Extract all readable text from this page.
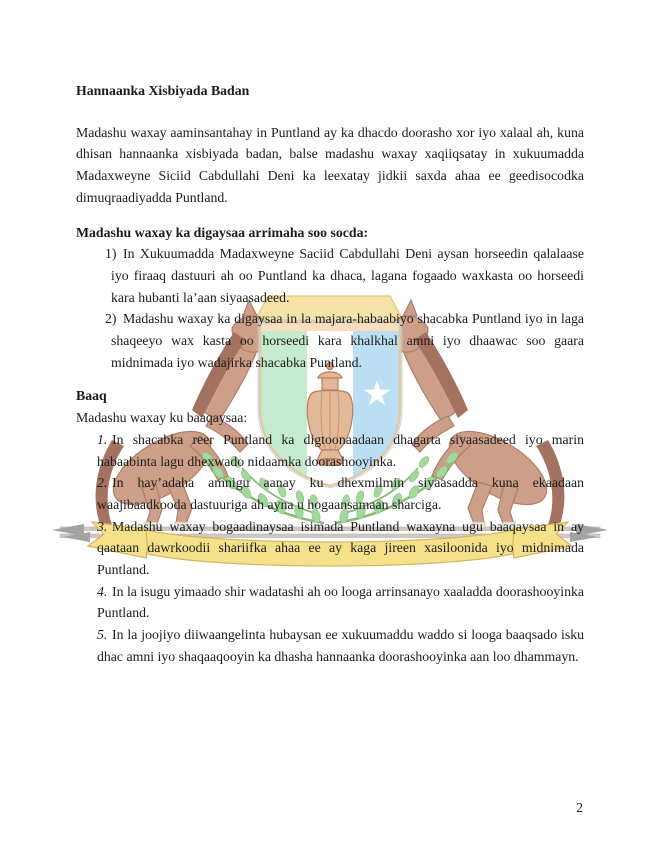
Hannaanka Xisbiyada Badan

Madashu waxay aaminsantahay in Puntland ay ka dhacdo doorasho xor iyo xalaal ah, kuna dhisan hannaanka xisbiyada badan, balse madashu waxay xaqiiqsatay in xukuumadda Madaxweyne Siciid Cabdullahi Deni ka leexatay jidkii saxda ahaa ee geedisocodka dimuqraadiyadda Puntland.

Madashu waxay ka digaysaa arrimaha soo socda:

1) In Xukuumadda Madaxweyne Saciid Cabdullahi Deni aysan horseedin qalalaase iyo firaaq dastuuri ah oo Puntland ka dhaca, lagana fogaado waxkasta oo horseedi kara hubanti la’aan siyaasadeed.

2) Madashu waxay ka digaysaa in la majara-habaabiyo shacabka Puntland iyo in laga shaqeeyo wax kasta oo horseedi kara khalkhal amni iyo dhaawac soo gaara midnimada iyo wadajirka shacabka Puntland.

Baaq

Madashu waxay ku baaqaysaa:

1. In shacabka reer Puntland ka digtoonaadaan dhagarta siyaasadeed iyo marin habaabinta lagu dhexwado nidaamka doorashooyinka.

2. In hay’adaha amnigu aanay ku dhexmilmin siyaasadda kuna ekaadaan waajibaadkooda dastuuriga ah ayna u hogaansamaan sharciga.

3. Madashu waxay bogaadinaysaa isimada Puntland waxayna ugu baaqaysaa in ay qaataan dawrkoodii shariifka ahaa ee ay kaga jireen xasiloonida iyo midnimada Puntland.

4. In la isugu yimaado shir wadatashi ah oo looga arrinsanayo xaaladda doorashooyinka Puntland.

5. In la joojiyo diiwaangelinta hubaysan ee xukuumaddu waddo si looga baaqsado isku dhac amni iyo shaqaaqooyin ka dhasha hannaanka doorashooyinka aan loo dhammayn.

2
